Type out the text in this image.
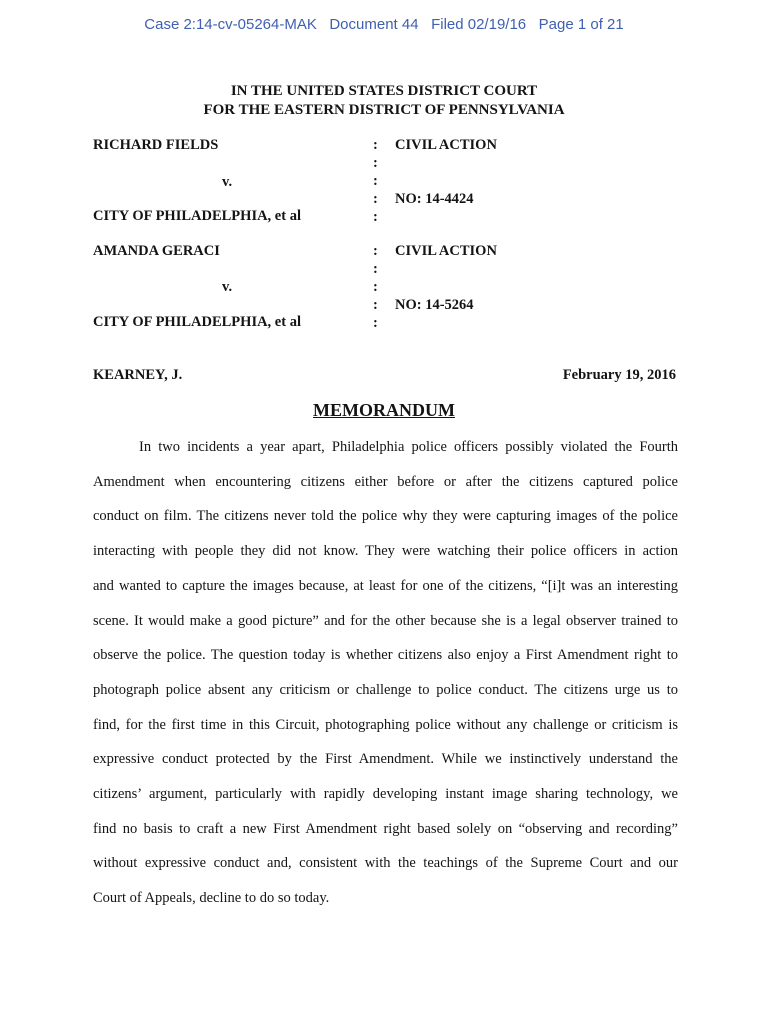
Case 2:14-cv-05264-MAK   Document 44   Filed 02/19/16   Page 1 of 21
IN THE UNITED STATES DISTRICT COURT
FOR THE EASTERN DISTRICT OF PENNSYLVANIA
RICHARD FIELDS
v.
CITY OF PHILADELPHIA, et al
:
:
:
:
:
CIVIL ACTION
NO: 14-4424
AMANDA GERACI
v.
CITY OF PHILADELPHIA, et al
:
:
:
:
:
CIVIL ACTION
NO: 14-5264
KEARNEY, J.	February 19, 2016
MEMORANDUM
In two incidents a year apart, Philadelphia police officers possibly violated the Fourth
Amendment when encountering citizens either before or after the citizens captured police
conduct on film. The citizens never told the police why they were capturing images of the police
interacting with people they did not know. They were watching their police officers in action
and wanted to capture the images because, at least for one of the citizens, “[i]t was an interesting
scene. It would make a good picture” and for the other because she is a legal observer trained to
observe the police. The question today is whether citizens also enjoy a First Amendment right to
photograph police absent any criticism or challenge to police conduct. The citizens urge us to
find, for the first time in this Circuit, photographing police without any challenge or criticism is
expressive conduct protected by the First Amendment. While we instinctively understand the
citizens’ argument, particularly with rapidly developing instant image sharing technology, we
find no basis to craft a new First Amendment right based solely on “observing and recording”
without expressive conduct and, consistent with the teachings of the Supreme Court and our
Court of Appeals, decline to do so today.
